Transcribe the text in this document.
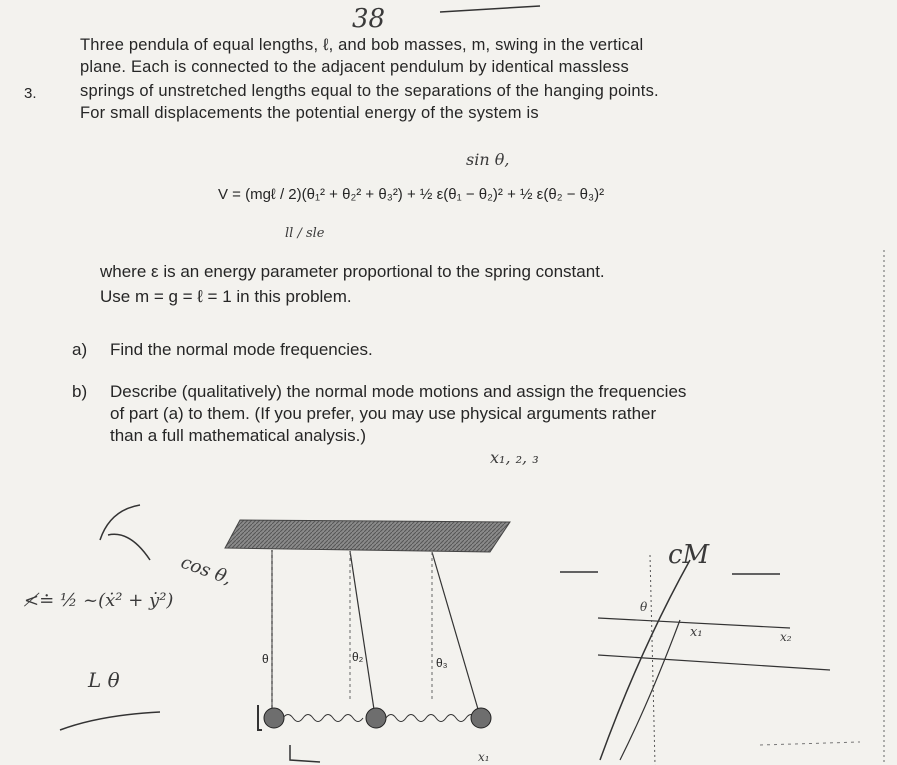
38
3.
Three pendula of equal lengths, ℓ, and bob masses, m, swing in the vertical
plane. Each is connected to the adjacent pendulum by identical massless
springs of unstretched lengths equal to the separations of the hanging points.
For small displacements the potential energy of the system is
sin θ,
V = (mgℓ / 2)(θ₁² + θ₂² + θ₃²) + ½ ε(θ₁ − θ₂)² + ½ ε(θ₂ − θ₃)²
ll ∕ sle
where ε is an energy parameter proportional to the spring constant.
Use m = g = ℓ = 1 in this problem.
a) Find the normal mode frequencies.
b) Describe (qualitatively) the normal mode motions and assign the frequencies
of part (a) to them. (If you prefer, you may use physical arguments rather
than a full mathematical analysis.)
x₁, ₂, ₃
≮≐ ½ ~(ẋ² + ẏ²)
L θ
cos θ,	cM
θ	θ₂	θ₃
x₁	x₂
θ
x₁
